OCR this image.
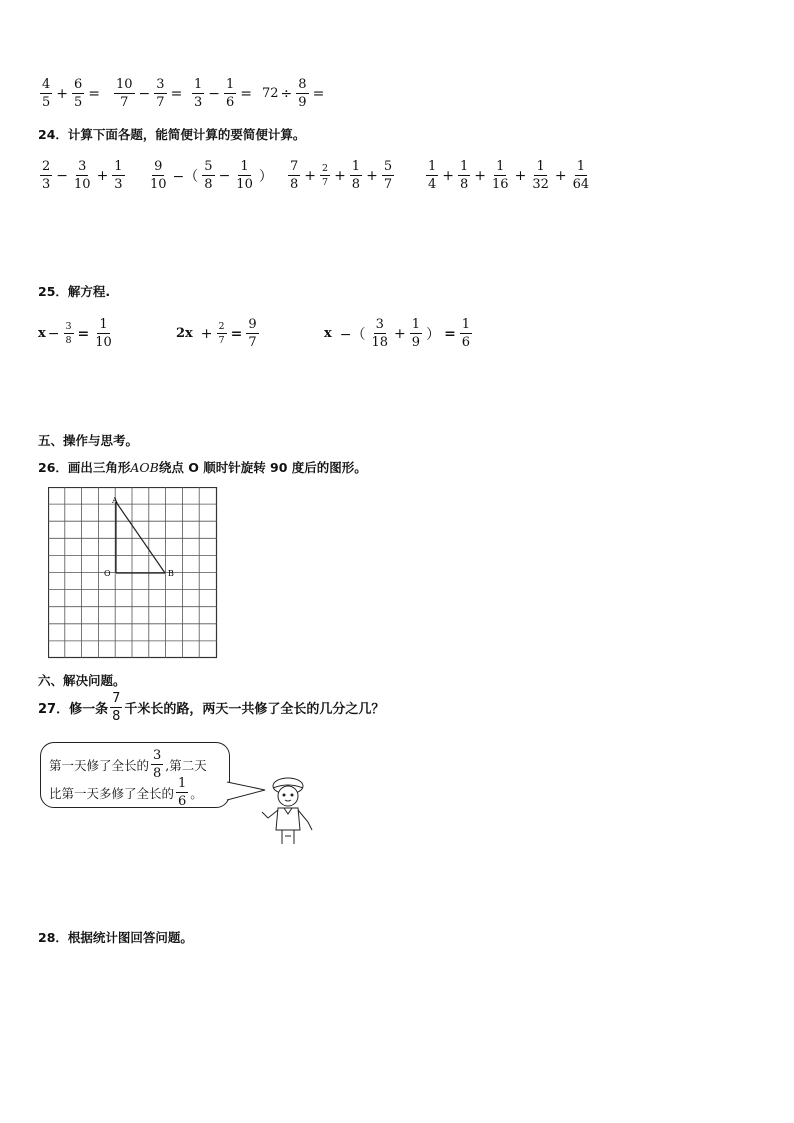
$\frac{4}{5} + \frac{6}{5} = \frac{10}{7} - \frac{3}{7} = \frac{1}{3} - \frac{1}{6} = 72 \div \frac{8}{9}$ =
24．计算下面各题，能简便计算的要简便计算。
$\frac{2}{3} - \frac{3}{10} + \frac{1}{3} \frac{9}{10}$ −（ $\frac{5}{8} - \frac{1}{10}$ ） $\frac{7}{8} + \frac{2}{7} + \frac{1}{8} + \frac{5}{7} \frac{1}{4} + \frac{1}{8} + \frac{1}{16} + \frac{1}{32} + \frac{1}{64}$
25．解方程.
$x - \frac{3}{8} = \frac{1}{10}$	$2x + \frac{2}{7} = \frac{9}{7}$	x −（ $\frac{3}{18} + \frac{1}{9}$ ） = $\frac{1}{6}$
五、操作与思考。
26．画出三角形AOB绕点 O 顺时针旋转 90 度后的图形。
A
O	B
六、解决问题。
27．修一条 $\frac{7}{8}$ 千米长的路，两天一共修了全长的几分之几？
第一天修了全长的 $\frac{3}{8}$ ,第二天
比第一天多修了全长的 $\frac{1}{6}$ 。
28．根据统计图回答问题。
